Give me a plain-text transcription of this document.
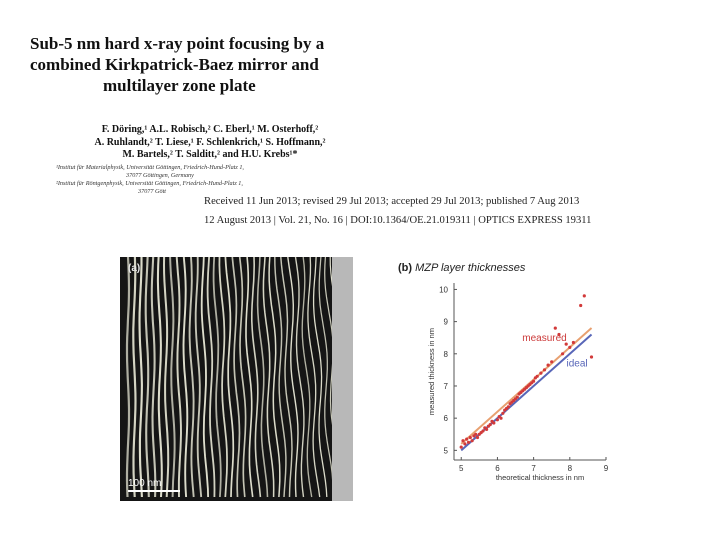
Sub-5 nm hard x-ray point focusing by a
combined Kirkpatrick-Baez mirror and
multilayer zone plate
F. Döring,¹ A.L. Robisch,² C. Eberl,¹ M. Osterhoff,²
A. Ruhlandt,² T. Liese,¹ F. Schlenkrich,¹ S. Hoffmann,²
M. Bartels,² T. Salditt,² and H.U. Krebs¹*
¹Institut für Materialphysik, Universität Göttingen, Friedrich-Hund-Platz 1,
37077 Göttingen, Germany
²Institut für Röntgenphysik, Universität Göttingen, Friedrich-Hund-Platz 1,
37077 Gött
Received 11 Jun 2013; revised 29 Jul 2013; accepted 29 Jul 2013; published 7 Aug 2013
12 August 2013 | Vol. 21, No. 16 | DOI:10.1364/OE.21.019311 | OPTICS EXPRESS 19311
(a)
100 nm
(b) MZP layer thicknesses
5
6
7
8
9
10
5	6	7	8	9
measured thickness in nm
theoretical thickness in nm
measured
ideal
